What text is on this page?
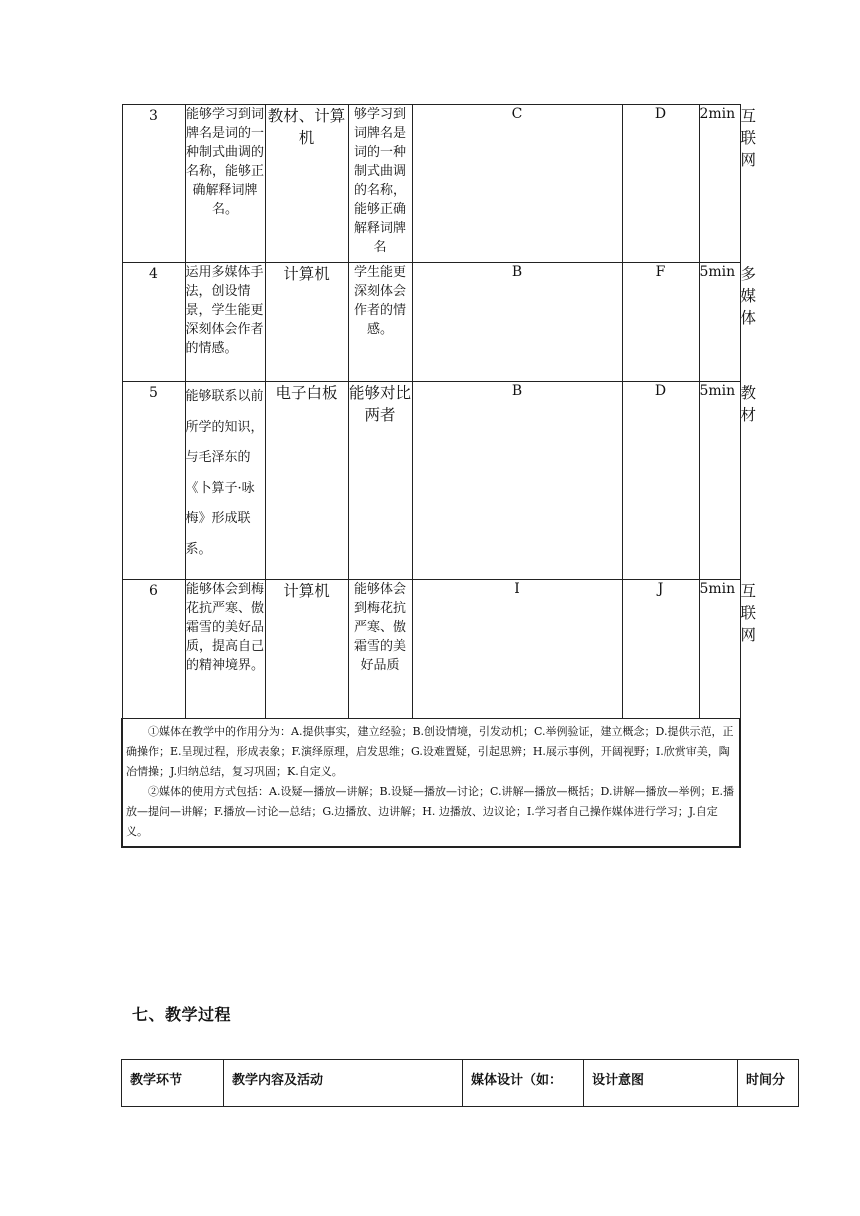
3	能够学习到词牌名是词的一种制式曲调的名称，能够正确解释词牌名。	教材、计算机	够学习到词牌名是词的一种制式曲调的名称，能够正确解释词牌名	C	D	2min	互联网
4	运用多媒体手法，创设情景，学生能更深刻体会作者的情感。	计算机	学生能更深刻体会作者的情感。	B	F	5min	多媒体
5	能够联系以前所学的知识，与毛泽东的《卜算子·咏梅》形成联系。	电子白板	能够对比两者	B	D	5min	教材
6	能够体会到梅花抗严寒、傲霜雪的美好品质，提高自己的精神境界。	计算机	能够体会到梅花抗严寒、傲霜雪的美好品质	I	J	5min	互联网

①媒体在教学中的作用分为：A.提供事实，建立经验；B.创设情境，引发动机；C.举例验证，建立概念；D.提供示范，正确操作；E.呈现过程，形成表象；F.演绎原理，启发思维；G.设难置疑，引起思辨；H.展示事例，开阔视野；I.欣赏审美，陶冶情操；J.归纳总结，复习巩固；K.自定义。

②媒体的使用方式包括：A.设疑—播放—讲解；B.设疑—播放—讨论；C.讲解—播放—概括；D.讲解—播放—举例；E.播放—提问—讲解；F.播放—讨论—总结；G.边播放、边讲解；H. 边播放、边议论；I.学习者自己操作媒体进行学习；J.自定义。							

七、教学过程
教学环节	教学内容及活动	媒体设计（如：	设计意图	时间分
